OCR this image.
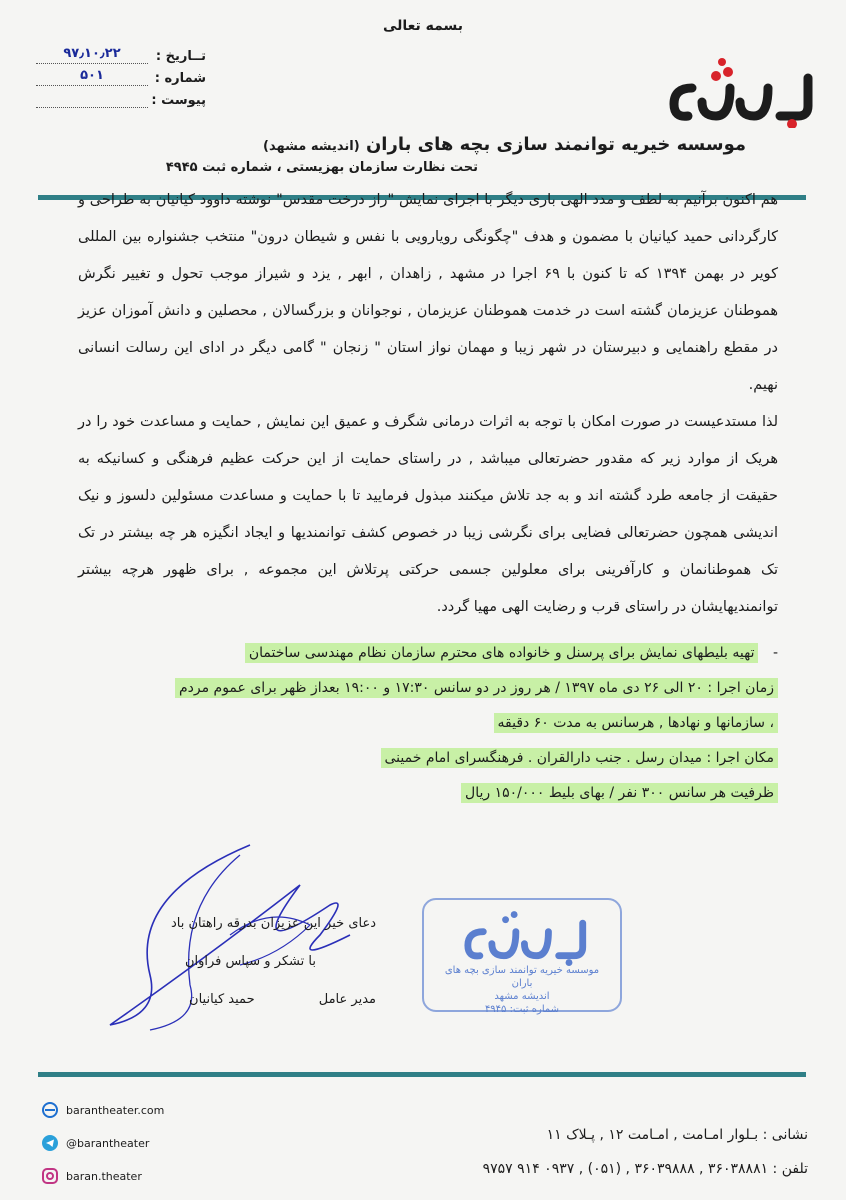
بسمه تعالی
تــاریخ :
۹۷٫۱۰٫۲۲
شماره :
۵۰۱
پیوست :
موسسه خیریه توانمند سازی بچه های باران (اندیشه مشهد)
تحت نظارت سازمان بهزیستی ، شماره ثبت ۴۹۴۵

هم اکنون برآنیم به لطف و مدد الهی باری دیگر با اجرای نمایش "راز درخت مقدس" نوشته داوود کیانیان به طراحی و کارگردانی حمید کیانیان با مضمون و هدف "چگونگی رویارویی با نفس و شیطان درون" منتخب جشنواره بین المللی کویر در بهمن ۱۳۹۴ که تا کنون با ۶۹ اجرا در مشهد , زاهدان , ابهر , یزد و شیراز موجب تحول و تغییر نگرش هموطنان عزیزمان گشته است در خدمت هموطنان عزیزمان , نوجوانان و بزرگسالان , محصلین و دانش آموزان عزیز در مقطع راهنمایی و دبیرستان در شهر زیبا و مهمان نواز استان " زنجان " گامی دیگر در ادای این رسالت انسانی نهیم.

لذا مستدعیست در صورت امکان با توجه به اثرات درمانی شگرف و عمیق این نمایش , حمایت و مساعدت خود را در هریک از موارد زیر که مقدور حضرتعالی میباشد , در راستای حمایت از این حرکت عظیم فرهنگی و کسانیکه به حقیقت از جامعه طرد گشته اند و به جد تلاش میکنند مبذول فرمایید تا با حمایت و مساعدت مسئولین دلسوز و نیک اندیشی همچون حضرتعالی فضایی برای نگرشی زیبا در خصوص کشف توانمندیها و ایجاد انگیزه هر چه بیشتر در تک تک هموطنانمان و کارآفرینی برای معلولین جسمی حرکتی پرتلاش این مجموعه , برای ظهور هرچه بیشتر توانمندیهایشان در راستای قرب و رضایت الهی مهیا گردد.

- تهیه بلیطهای نمایش برای پرسنل و خانواده های محترم سازمان نظام مهندسی ساختمان
زمان اجرا : ۲۰ الی ۲۶ دی ماه ۱۳۹۷ / هر روز در دو سانس ۱۷:۳۰ و ۱۹:۰۰ بعداز ظهر برای عموم مردم
، سازمانها و نهادها , هرسانس به مدت ۶۰ دقیقه
مکان اجرا : میدان رسل . جنب دارالقران . فرهنگسرای امام خمینی
ظرفیت هر سانس ۳۰۰ نفر / بهای بلیط ۱۵۰/۰۰۰ ریال
دعای خیر این عزیزان بدرقه راهتان باد
با تشکر و سپاس فراوان
مدیر عامل حمید کیانیان
موسسه خیریه توانمند سازی بچه های باران
اندیشه مشهد
شماره ثبت: ۴۹۴۵
barantheater.com
@barantheater
baran.theater
نشانی : بـلوار امـامت , امـامت ۱۲ , پـلاک ۱۱
تلفن : ۳۶۰۳۸۸۸۱ , ۳۶۰۳۹۸۸۸ , (۰۵۱) , ۰۹۳۷ ۹۱۴ ۹۷۵۷
